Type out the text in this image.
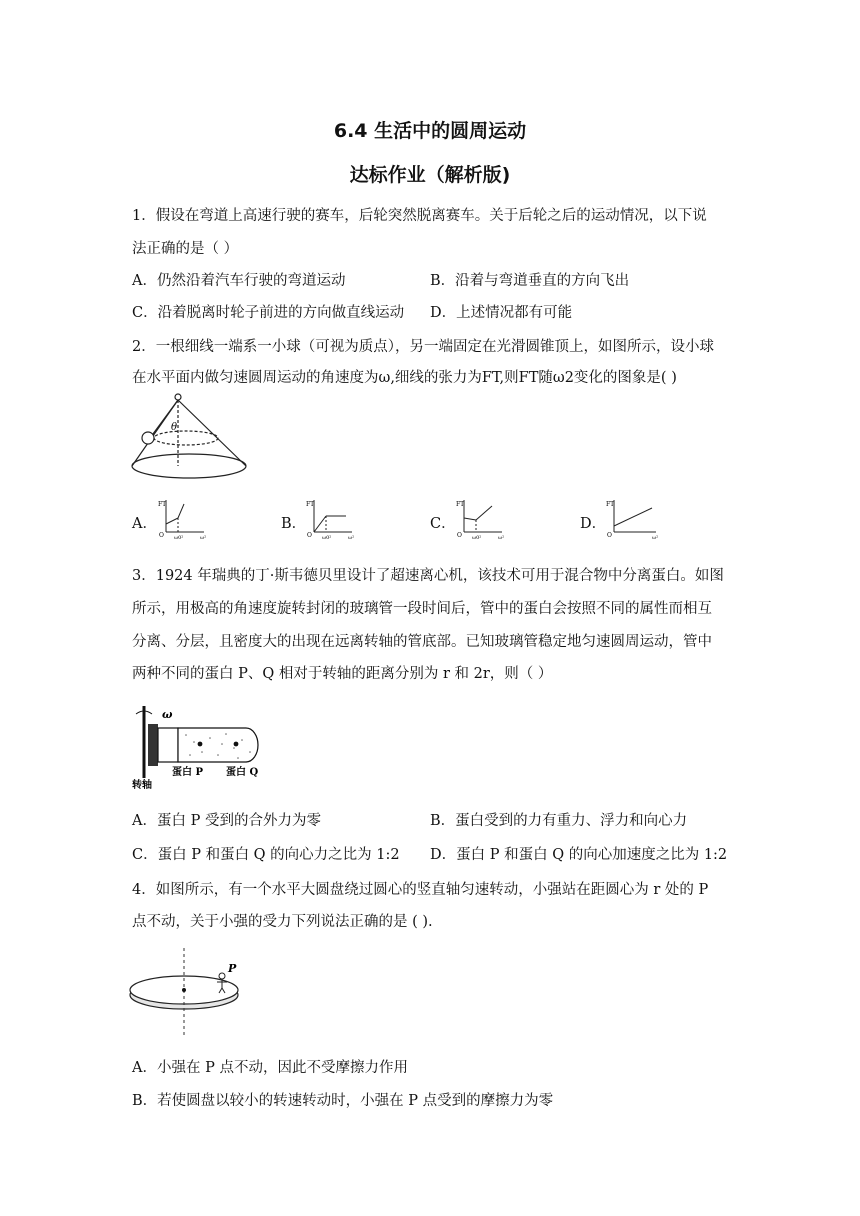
6.4 生活中的圆周运动
达标作业（解析版)
1．假设在弯道上高速行驶的赛车，后轮突然脱离赛车。关于后轮之后的运动情况，以下说
法正确的是（ ）
A．仍然沿着汽车行驶的弯道运动	B．沿着与弯道垂直的方向飞出
C．沿着脱离时轮子前进的方向做直线运动 D．上述情况都有可能
2．一根细线一端系一小球（可视为质点），另一端固定在光滑圆锥顶上，如图所示，设小球
在水平面内做匀速圆周运动的角速度为ω,细线的张力为FT,则FT随ω2变化的图象是( )
θ
A．
FT
O ω0²	ω²
B．
FT
O ω0²	ω²
C．
FT
O ω0²	ω²
D．
FT
O	ω²
3．1924 年瑞典的丁·斯韦德贝里设计了超速离心机，该技术可用于混合物中分离蛋白。如图
所示，用极高的角速度旋转封闭的玻璃管一段时间后，管中的蛋白会按照不同的属性而相互
分离、分层，且密度大的出现在远离转轴的管底部。已知玻璃管稳定地匀速圆周运动，管中
两种不同的蛋白 P、Q 相对于转轴的距离分别为 r 和 2r，则（ ）
ω
蛋白 P 蛋白 Q
转轴
A．蛋白 P 受到的合外力为零	B．蛋白受到的力有重力、浮力和向心力
C．蛋白 P 和蛋白 Q 的向心力之比为 1:2 D．蛋白 P 和蛋白 Q 的向心加速度之比为 1:2
4．如图所示，有一个水平大圆盘绕过圆心的竖直轴匀速转动，小强站在距圆心为 r 处的 P
点不动，关于小强的受力下列说法正确的是 ( ).
P
A．小强在 P 点不动，因此不受摩擦力作用
B．若使圆盘以较小的转速转动时，小强在 P 点受到的摩擦力为零
